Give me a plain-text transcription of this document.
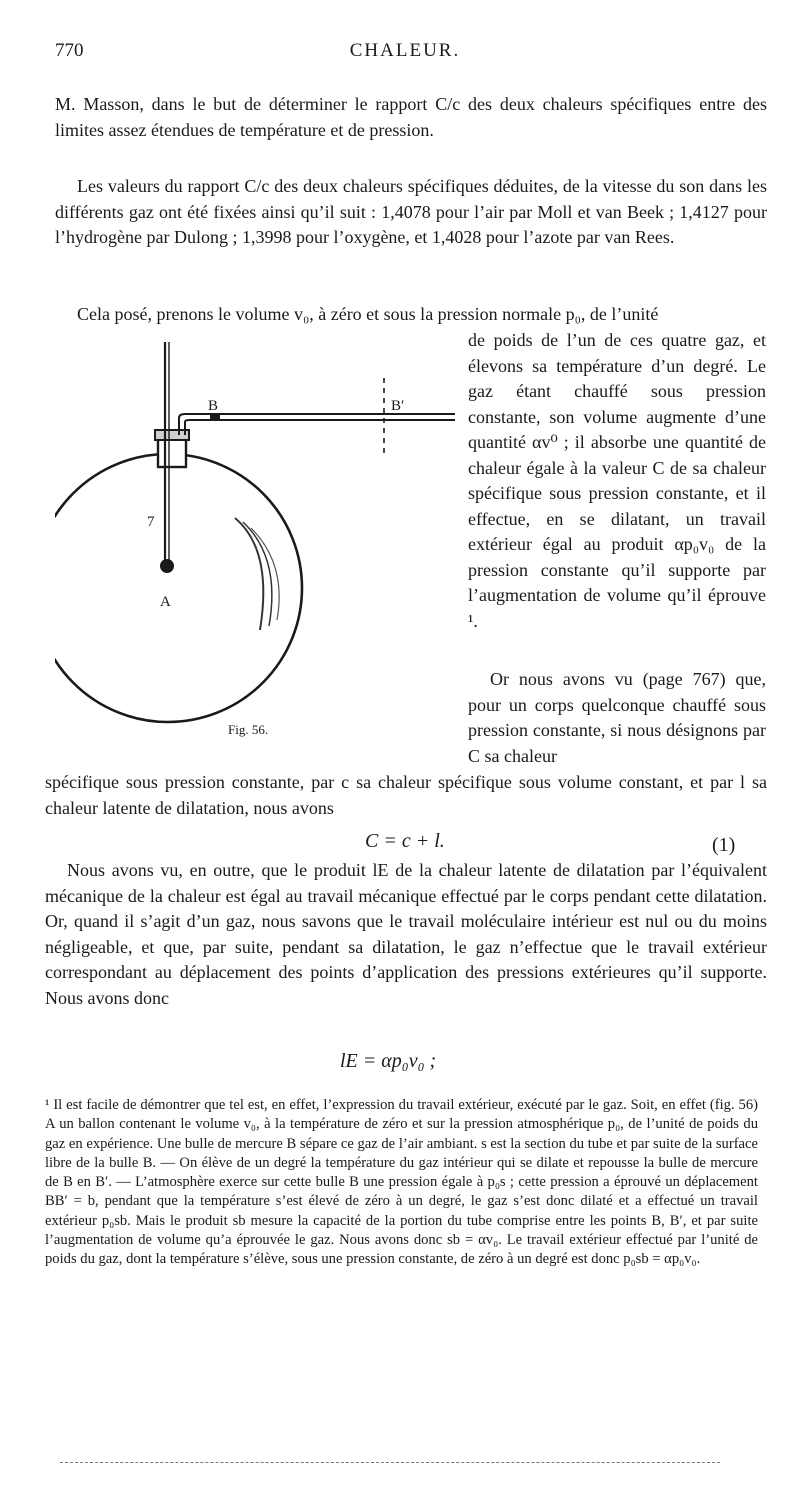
770	CHALEUR.

M. Masson, dans le but de déterminer le rapport C/c des deux chaleurs spécifiques entre des limites assez étendues de température et de pression.

Les valeurs du rapport C/c des deux chaleurs spécifiques déduites, de la vitesse du son dans les différents gaz ont été fixées ainsi qu’il suit : 1,4078 pour l’air par Moll et van Beek ; 1,4127 pour l’hydrogène par Dulong ; 1,3998 pour l’oxygène, et 1,4028 pour l’azote par van Rees.

Cela posé, prenons le volume v₀, à zéro et sous la pression normale p₀, de l’unité

de poids de l’un de ces quatre gaz, et élevons sa température d’un degré. Le gaz étant chauffé sous pression constante, son volume augmente d’une quantité αv⁰ ; il absorbe une quantité de chaleur égale à la valeur C de sa chaleur spécifique sous pression constante, et il effectue, en se dilatant, un travail extérieur égal au produit αp₀v₀ de la pression constante qu’il supporte par l’augmentation de volume qu’il éprouve ¹.

Or nous avons vu (page 767) que, pour un corps quelconque chauffé sous pression constante, si nous désignons par C sa chaleur

spécifique sous pression constante, par c sa chaleur spécifique sous volume constant, et par l sa chaleur latente de dilatation, nous avons

C = c + l.	(1)

Nous avons vu, en outre, que le produit lE de la chaleur latente de dilatation par l’équivalent mécanique de la chaleur est égal au travail mécanique effectué par le corps pendant cette dilatation. Or, quand il s’agit d’un gaz, nous savons que le travail moléculaire intérieur est nul ou du moins négligeable, et que, par suite, pendant sa dilatation, le gaz n’effectue que le travail extérieur correspondant au déplacement des points d’application des pressions extérieures qu’il supporte. Nous avons donc

lE = αp₀v₀ ;
B	B′
7
A
Fig. 56.

¹ Il est facile de démontrer que tel est, en effet, l’expression du travail extérieur, exécuté par le gaz. Soit, en effet (fig. 56) A un ballon contenant le volume v₀, à la température de zéro et sur la pression atmosphérique p₀, de l’unité de poids du gaz en expérience. Une bulle de mercure B sépare ce gaz de l’air ambiant. s est la section du tube et par suite de la surface libre de la bulle B. — On élève de un degré la température du gaz intérieur qui se dilate et repousse la bulle de mercure de B en B′. — L’atmosphère exerce sur cette bulle B une pression égale à p₀s ; cette pression a éprouvé un déplacement BB′ = b, pendant que la température s’est élevé de zéro à un degré, le gaz s’est donc dilaté et a effectué un travail extérieur p₀sb. Mais le produit sb mesure la capacité de la portion du tube comprise entre les points B, B′, et par suite l’augmentation de volume qu’a éprouvée le gaz. Nous avons donc sb = αv₀. Le travail extérieur effectué par l’unité de poids du gaz, dont la température s’élève, sous une pression constante, de zéro à un degré est donc p₀sb = αp₀v₀.
